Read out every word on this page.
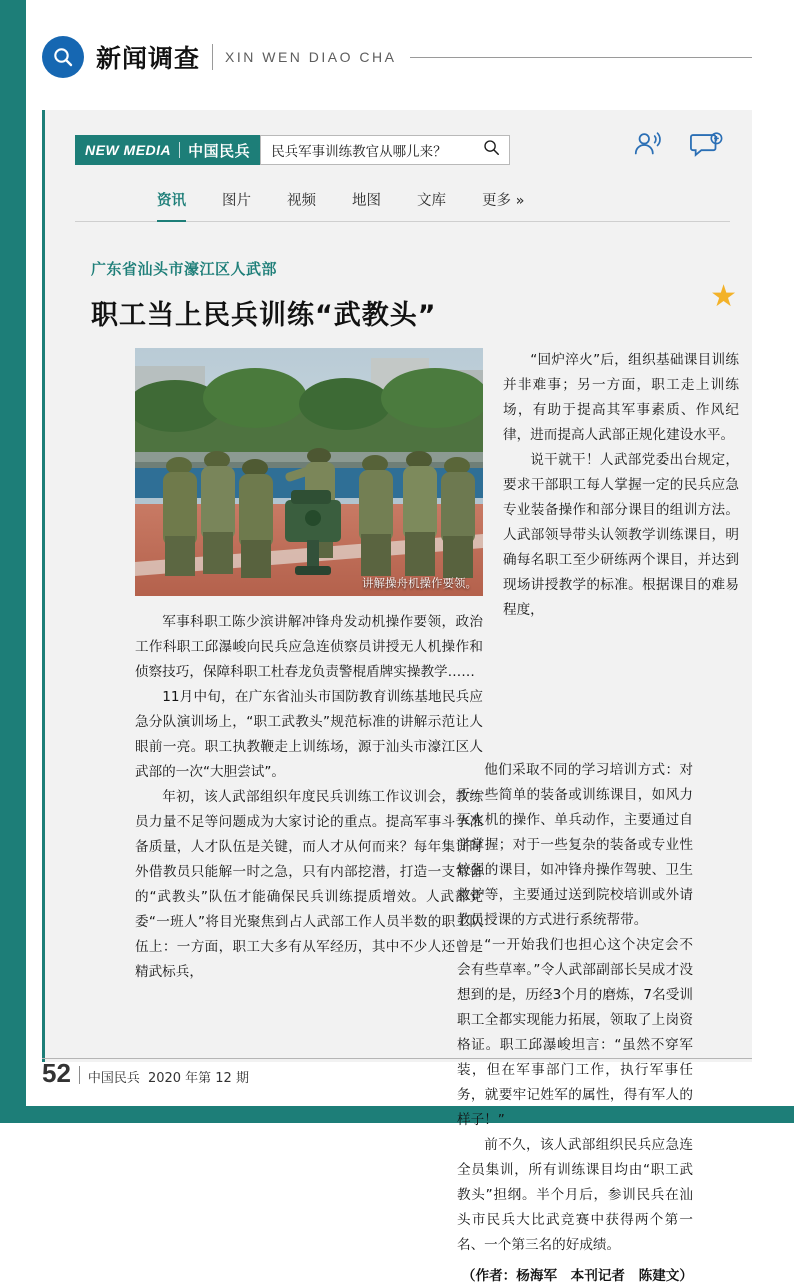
新闻调查 XIN WEN DIAO CHA
NEW MEDIA 中国民兵 民兵军事训练教官从哪儿来？
资讯 图片 视频 地图 文库 更多 »
广东省汕头市濠江区人武部
职工当上民兵训练“武教头”
★
讲解操舟机操作要领。

“回炉淬火”后，组织基础课目训练并非难事；另一方面，职工走上训练场，有助于提高其军事素质、作风纪律，进而提高人武部正规化建设水平。

说干就干！人武部党委出台规定，要求干部职工每人掌握一定的民兵应急专业装备操作和部分课目的组训方法。人武部领导带头认领教学训练课目，明确每名职工至少研练两个课目，并达到现场讲授教学的标准。根据课目的难易程度，

军事科职工陈少滨讲解冲锋舟发动机操作要领，政治工作科职工邱瀑峻向民兵应急连侦察员讲授无人机操作和侦察技巧，保障科职工杜春龙负责警棍盾牌实操教学……

11月中旬，在广东省汕头市国防教育训练基地民兵应急分队演训场上，“职工武教头”规范标准的讲解示范让人眼前一亮。职工执教鞭走上训练场，源于汕头市濠江区人武部的一次“大胆尝试”。

年初，该人武部组织年度民兵训练工作议训会，教练员力量不足等问题成为大家讨论的重点。提高军事斗争准备质量，人才队伍是关键，而人才从何而来？每年集训时外借教员只能解一时之急，只有内部挖潜，打造一支常备的“武教头”队伍才能确保民兵训练提质增效。人武部党委“一班人”将目光聚焦到占人武部工作人员半数的职工队伍上：一方面，职工大多有从军经历，其中不少人还曾是精武标兵，

他们采取不同的学习培训方式：对于一些简单的装备或训练课目，如风力灭火机的操作、单兵动作，主要通过自学掌握；对于一些复杂的装备或专业性较强的课目，如冲锋舟操作驾驶、卫生救护等，主要通过送到院校培训或外请教员授课的方式进行系统帮带。

“一开始我们也担心这个决定会不会有些草率。”令人武部副部长吴成才没想到的是，历经3个月的磨炼，7名受训职工全都实现能力拓展，领取了上岗资格证。职工邱瀑峻坦言：“虽然不穿军装，但在军事部门工作，执行军事任务，就要牢记姓军的属性，得有军人的样子！”

前不久，该人武部组织民兵应急连全员集训，所有训练课目均由“职工武教头”担纲。半个月后，参训民兵在汕头市民兵大比武竞赛中获得两个第一名、一个第三名的好成绩。

（作者：杨海军　本刊记者　陈建文）
52 中国民兵 2020 年第 12 期
